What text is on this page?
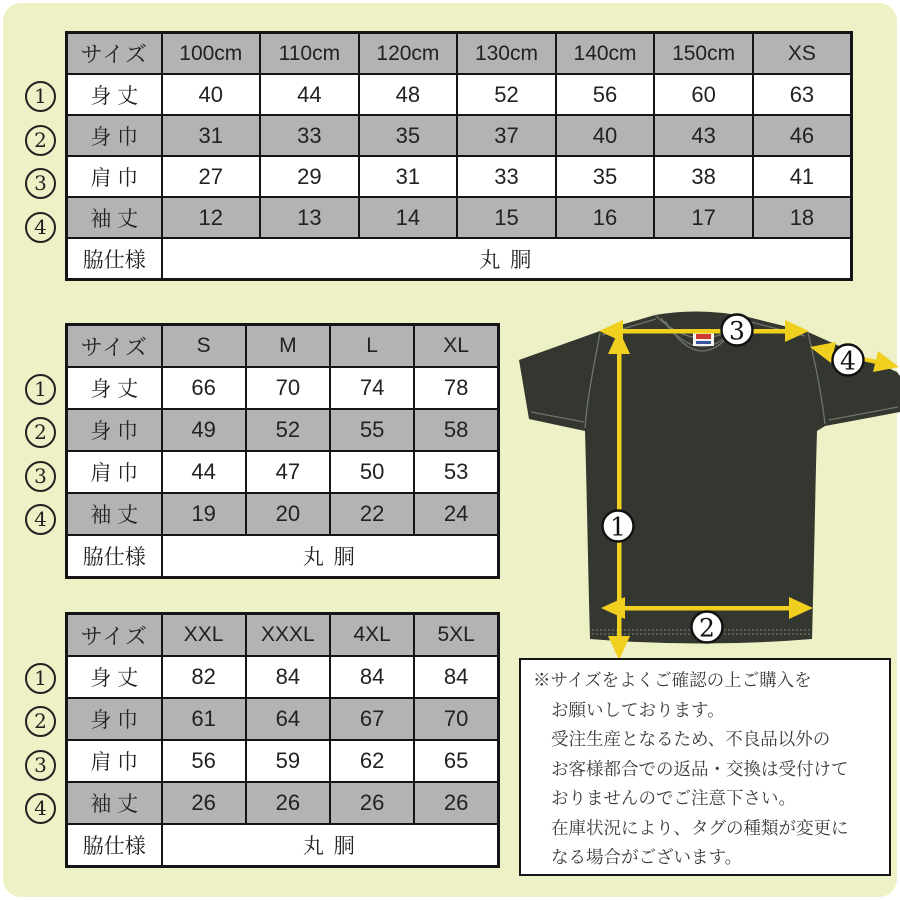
サイズ	100cm	110cm	120cm	130cm	140cm	150cm	XS
身 丈	40	44	48	52	56	60	63
身 巾	31	33	35	37	40	43	46
肩 巾	27	29	31	33	35	38	41
袖 丈	12	13	14	15	16	17	18
脇仕様	丸 胴						
サイズ	S	M	L	XL
身 丈	66	70	74	78
身 巾	49	52	55	58
肩 巾	44	47	50	53
袖 丈	19	20	22	24
脇仕様	丸 胴			
サイズ	XXL	XXXL	4XL	5XL
身 丈	82	84	84	84
身 巾	61	64	67	70
肩 巾	56	59	62	65
袖 丈	26	26	26	26
脇仕様	丸 胴			
1
2
3
4
1
2
3
4
1
2
3
4
1
2
3
4
※サイズをよくご確認の上ご購入を
お願いしております。
受注生産となるため、不良品以外の
お客様都合での返品・交換は受付けて
おりませんのでご注意下さい。
在庫状況により、タグの種類が変更に
なる場合がございます。
